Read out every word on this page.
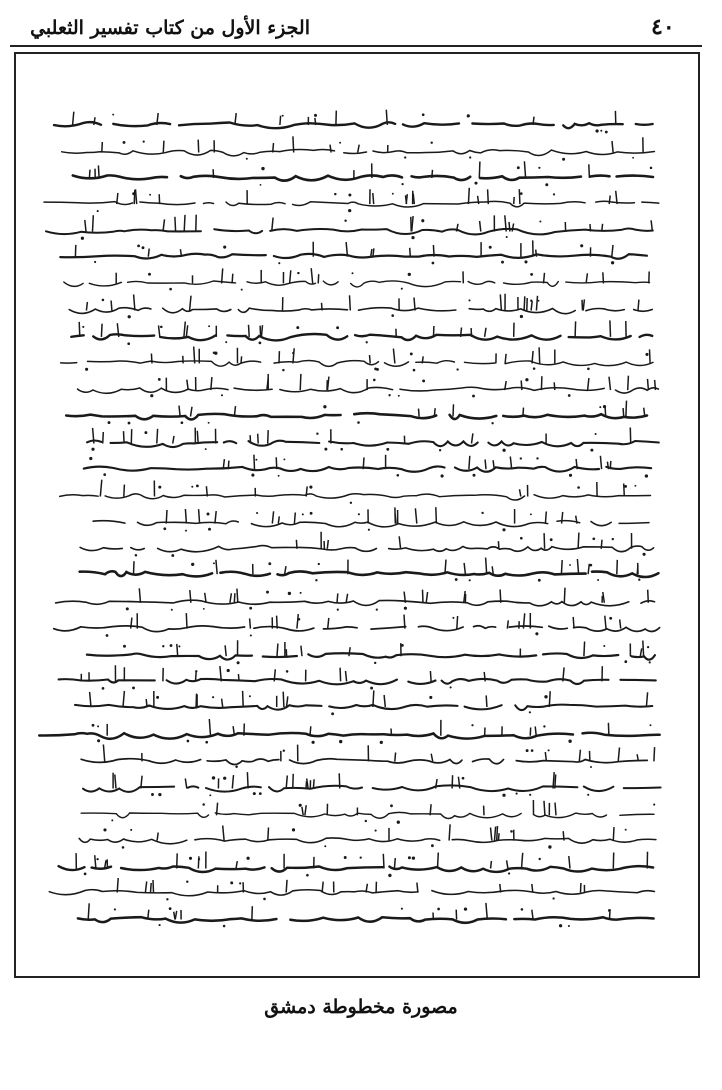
٤٠
الجزء الأول من كتاب تفسير الثعلبي
مصورة مخطوطة دمشق
